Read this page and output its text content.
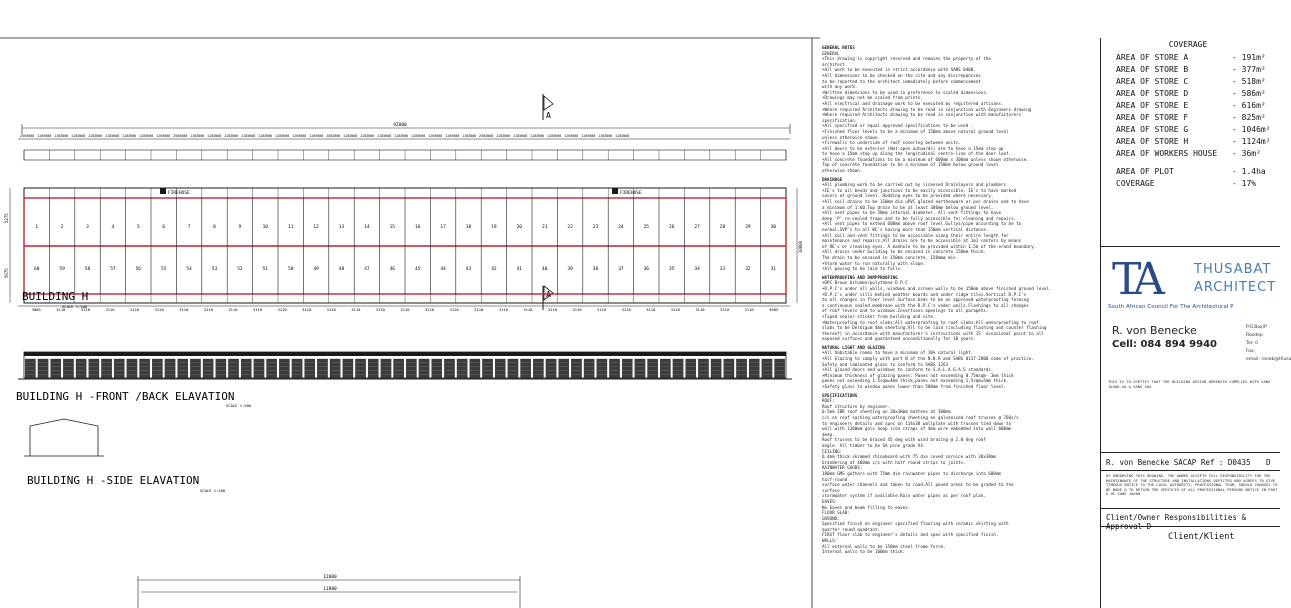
A
A
92800
250 3000 110 3000 110 3000 110 3000 110 3000 110 3000 110 3000 110 3000 110 3000 250 3000 110 3000 110 3000 110 3000 110 3000 110 3000 110 3000 110 3000 110 3000 250 3000 110 3000 110 3000 110 3000 110 3000 110 3000 110 3000 110 3000 110 3000 250 3000 110 3000 110 3000 110 3000 110 3000 110 3000 110 3000 110 3000 110 3000
1	2	3	4	5	6	7	8	9	10	11	12	13	14	15	16	17	18	19	20	21	22	23	24	25	26	27	28	29	30
60	59	58	57	56	55	54	53	52	51	50	49	48	47	46	45	44	43	42	41	40	39	38	37	36	35	34	33	32	31
FIREHOSE	FIREHOSE
5275
5075
10880
3085	3110	3110	3110	3110	3110	3110	3110	3110	3110	3110	3110	3110	3110	3110	3110	3110	3110	3110	3110	3110	3110	3110	3110	3110	3110	3110	3110	3110	3110	3085
BUILDING H
SCALE 1:500
BUILDING H -FRONT /BACK ELAVATION
SCALE 1:500
BUILDING H -SIDE ELAVATION
SCALE 1:200
12000
11880
GENERAL NOTES
GENERAL
+This drawing is copyright reserved and remains the property of the
architect.
+All work to be executed in strict accordance with SANS 0400.
+All dimensions to be checked on the site and any discrepancies
to be reported to the architect immediately before commencement
with any work.
+Written dimensions to be used in preference to scaled dimensions.
+Drawings may not be scaled from prints.
+All electrical and drainage work to be executed by registered artisans.
+Where required Architects drawing to be read in conjunction with Engineers drawing
+Where required Architects drawing to be read in conjunction with manufacturers
specification.
+All specified or equal approved specifications to be used .
+Finished floor levels to be a minimum of 150mm above natural ground level
unless otherwise shown.
+Firewalls to underside of roof covering between units.
+All doors to be exterior (Not open outwards) are to have a 15mm step up
to have a 15mm step up along the longitudinal centre-line of the door leaf.
+All concrete foundations to be a minimum of 600mm x 300mm unless shown otherwise.
Top of concrete foundation to be a minimum of 150mm below ground level
otherwise shown.
DRAINAGE
+All plumbing work to be carried out by licensed Drainlayers and plumbers
+IE's to all bends and junctions to be easily accessible. IE's to have marked
covers at ground level. Rodding eyes to be provided where necessary.
+All soil drains to be 110mm dia uPVC glazed earthenware or pvc drains and to have
a minimum of 1:60.Top drain to be at least 300mm below ground level.
+All vent pipes to be 50mm internal diameter. All vent fittings to have
deep 'P' re-sealed traps and to be fully accessible for cleaning and repairs.
+All vent pipes to extend 600mm above roof level.Gullys/pipe according to be to
normal.SVP's to all WC's having more than 150mm vertical distance.
+All soil and vent fittings to be accessible along their entire length for
maintenance and repairs.All drains are to be accessible at 1m1 centers by means
of RE's or cleaning eyes. A manhole to be provided within 1.5m of the erand boundary.
+All drains under building to be encased in concrete 150mm thick.
The drain to be encased in 150mm concrete. 150mmø min
+Storm water to run naturally with slope.
+All paving to be laid to falls.
WATERPROOFING AND DAMPPROOFING
+DPC Brown bitumen/polythene D.P.C
+D.P.C's under all walls, windows and screen walls to be 150mm above finished ground level.
+D.P.C's under sills behind weather boards and under ridge tiles.Vertical D.P.C's
to all changes in floor level.Surface beds to be on approved waterproofing forming
a continuous sealed membrane with the D.P.C's under walls.Flashings to all changes
of roof levels and to windows.Insertions openings to all parapets.
+Taped sealer-sticker from building and site.
+Waterproofing to roof slabs:All waterproofing to roof slabs:All waterproofing to roof
slabs to be Derbigum 4mm sheeting.All to be laid (including flashing and counter flashing
thereof) in accordance with manufacturer's instructions with 15' occasional point to all
exposed surfaces and guaranteed unconditionally for 10 years.
NATURAL LIGHT AND GLAZING
+All habitable rooms to have a minimum of 10% natural light.
+All Glazing to comply with part N of the N.B.R and SABS 0137-2000 code of practice.
Safety and laminated glass to conform to SABS 1263
+All glazed doors and windows to conform to S.A.L.A.G.A.S standards.
+Minimum thickness of glazing panes: Panes not exceeding 0.75msqm- 3mm thick
panes not exceeding 1.5sqm=4mm thick,panes not exceeding 1.5sqm=5mm thick.
+Safety glass to window panes lower than 500mm from finished floor level.
SPECIFICATIONS
ROOF:
Roof structure by engineer.
0.5mm IBR roof sheeting on 38x38mm battens at 300mm
c/c on roof sarking waterproofing sheeting on galvanised roof trusses @ 760c/c
to engineers details and spec on 114x38 wallplate with trusses tied down to
wall with 1300mm galv hoop iron straps of 4mm wire embedded into wall 600mm
deep.
Roof trusses to be braced 45 deg with wind bracing @ 2.0 deg roof
angle. All timber to be SA pine grade V4.
CEILING:
6.4mm thick skimmed rhinoboard with 75 die coved cornice with 38x38mm
brandering at 400mm c/c with half round strips to joints.
RAINWATER GOODS:
100mm GMS gutters with 75mm dia rainwater pipes to discharge into 600mm
half-round
surface water channels and taken to road.All paved areas to be graded to the
surface
stormwater system if available.Rain water pipes as per roof plan.
EAVES:
No Eaves and beam filling to eaves.
FLOOR SLAB:
GROUND:
Specified finish on engineer specified flooring with ceramic skirting with
quarter round quadrant.
FIRST floor slab to engineer's details and spec with specified finish.
WALLS:
All external walls to be 150mm steel frame force.
Internal walls to be 100mm thick.
COVERAGE
AREA OF STORE A	- 191m²
AREA OF STORE B	- 377m²
AREA OF STORE C	- 518m²
AREA OF STORE D	- 586m²
AREA OF STORE E	- 616m²
AREA OF STORE F	- 825m²
AREA OF STORE G	- 1046m²
AREA OF STORE H	- 1124m²
AREA OF WORKERS HOUSE	- 36m²
AREA OF PLOT	- 1.4ha
COVERAGE	- 17%
TA	THUSABAT
ARCHITECT
South African Council For The Architectural P
R. von Benecke
Cell: 084 894 9940
P.O.Box/P
Roodep
Tel: 0
Fax:
email: roneb@thusa
THIS IS TO CERTIFY THAT THE BUILDING DESIGN HEREWITH COMPLIES WITH SANS 10400-XA & SANS 204
R. von Benecke SACAP Ref : D0435 D
BY ENDORSING THIS DRAWING, THE OWNER ACCEPTS FULL RESPONSIBILITY FOR THE MAINTENANCE OF THE STRUCTURE AND INSTALLATIONS DEPICTED AND AGREES TO GIVE TIMEOUS NOTICE TO THE LOCAL AUTHORITY, PROFESSIONAL TEAM, SHOULD CHANGES TO BE MADE & TO RETAIN THE SERVICES OF ALL PROFESSIONAL PERSONS NOTICE IN PART A OF SANS 10400
Client/Owner Responsibilities &
Client/Klient
